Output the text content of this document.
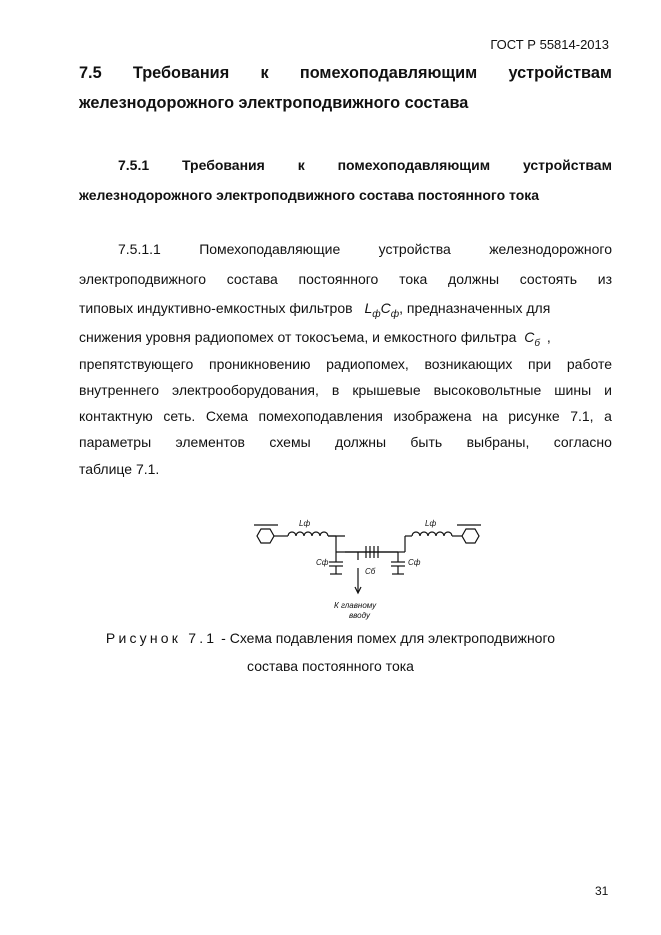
ГОСТ Р 55814-2013
7.5 Требования к помехоподавляющим устройствам
железнодорожного электроподвижного состава
7.5.1 Требования к помехоподавляющим устройствам
железнодорожного электроподвижного состава постоянного тока
7.5.1.1	Помехоподавляющие	устройства	железнодорожного
электроподвижного состава постоянного тока должны состоять из
типовых индуктивно-емкостных фильтров $L_фC_ф$, предназначенных для
снижения уровня радиопомех от токосъема, и емкостного фильтра $C_б$ ,
препятствующего проникновению радиопомех, возникающих при работе
внутреннего электрооборудования, в крышевые высоковольтные шины и
контактную сеть. Схема помехоподавления изображена на рисунке 7.1, а
параметры элементов схемы должны быть выбраны, согласно
таблице 7.1.
Lф	Lф
Cф	Cф
Cб
К главному
вводу
Рисунок 7.1 - Схема подавления помех для электроподвижного
состава постоянного тока
31
